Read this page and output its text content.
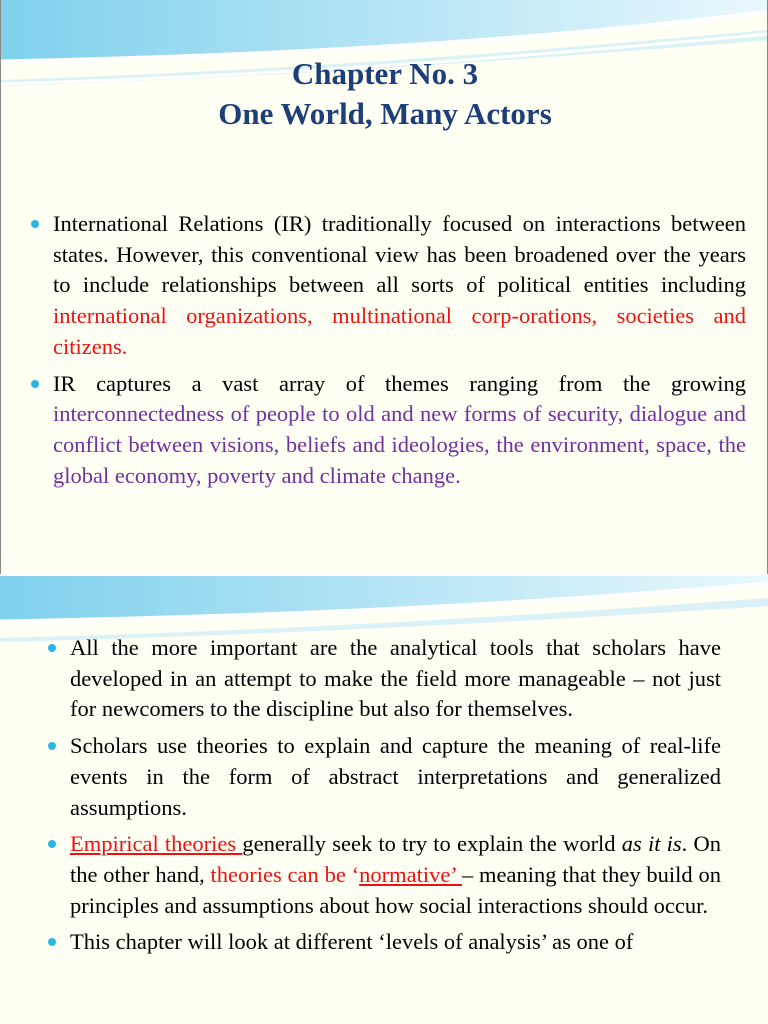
Chapter No. 3
One World, Many Actors
International Relations (IR) traditionally focused on interactions between states. However, this conventional view has been broadened over the years to include relationships between all sorts of political entities including international organizations, multinational corp-orations, societies and citizens.
IR captures a vast array of themes ranging from the growing interconnectedness of people to old and new forms of security, dialogue and conflict between visions, beliefs and ideologies, the environment, space, the global economy, poverty and climate change.
All the more important are the analytical tools that scholars have developed in an attempt to make the field more manageable – not just for newcomers to the discipline but also for themselves.
Scholars use theories to explain and capture the meaning of real-life events in the form of abstract interpretations and generalized assumptions.
Empirical theories generally seek to try to explain the world as it is. On the other hand, theories can be ‘normative’ – meaning that they build on principles and assumptions about how social interactions should occur.
This chapter will look at different ‘levels of analysis’ as one of
